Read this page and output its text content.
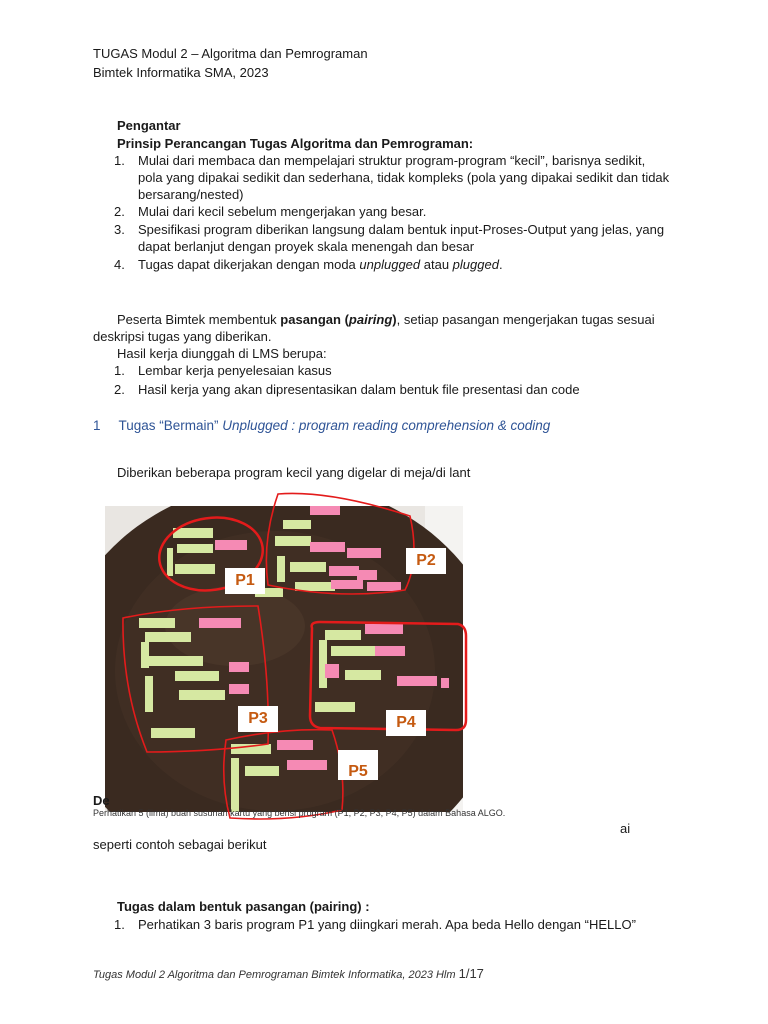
TUGAS Modul 2 – Algoritma dan Pemrograman
Bimtek Informatika SMA, 2023
Pengantar
Prinsip Perancangan Tugas Algoritma dan Pemrograman:
1. Mulai dari membaca dan mempelajari struktur program-program “kecil”, barisnya sedikit,
pola yang dipakai sedikit dan sederhana, tidak kompleks (pola yang dipakai sedikit dan tidak
bersarang/nested)
2. Mulai dari kecil sebelum mengerjakan yang besar.
3. Spesifikasi program diberikan langsung dalam bentuk input-Proses-Output yang jelas, yang
dapat berlanjut dengan proyek skala menengah dan besar
4. Tugas dapat dikerjakan dengan moda unplugged atau plugged.
Peserta Bimtek membentuk pasangan (pairing), setiap pasangan mengerjakan tugas sesuai
deskripsi tugas yang diberikan.
Hasil kerja diunggah di LMS berupa:
1. Lembar kerja penyelesaian kasus
2. Hasil kerja yang akan dipresentasikan dalam bentuk file presentasi dan code
1 Tugas “Bermain” Unplugged : program reading comprehension & coding
Diberikan beberapa program kecil yang digelar di meja/di lant
P1
P2
P3	P4
P5
De
Perhatikan 5 (lima) buah susunan kartu yang berisi program (P1, P2, P3, P4, P5) dalam Bahasa ALGO.
ai
seperti contoh sebagai berikut
Tugas dalam bentuk pasangan (pairing) :
1. Perhatikan 3 baris program P1 yang diingkari merah. Apa beda Hello dengan “HELLO”
Tugas Modul 2 Algoritma dan Pemrograman Bimtek Informatika, 2023 Hlm 1/17
